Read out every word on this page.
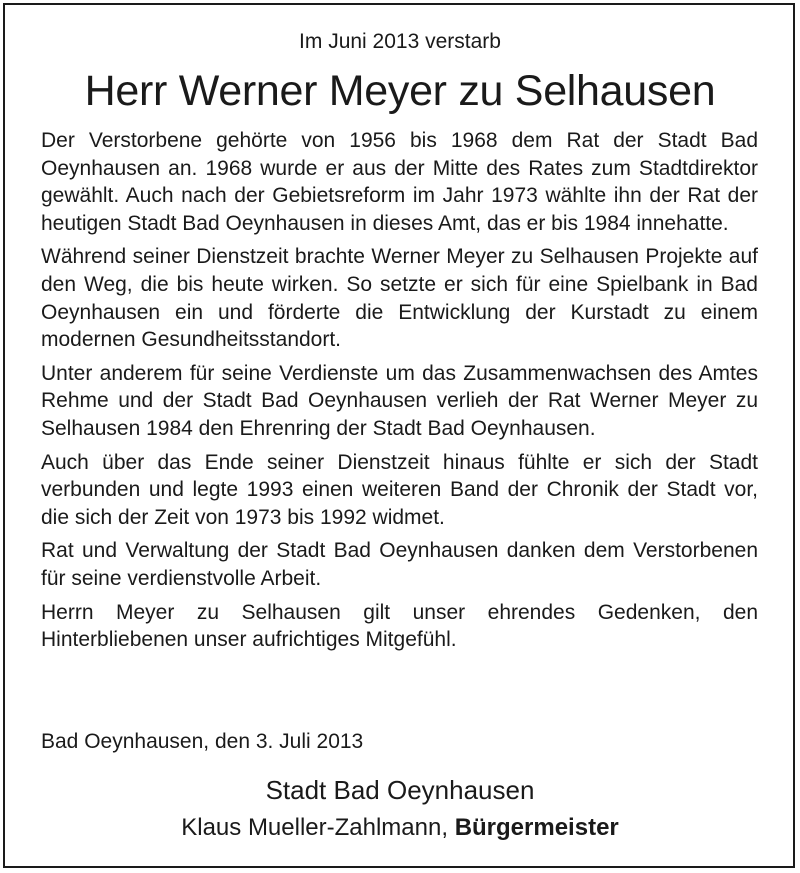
Im Juni 2013 verstarb
Herr Werner Meyer zu Selhausen

Der Verstorbene gehörte von 1956 bis 1968 dem Rat der Stadt Bad Oeynhausen an. 1968 wurde er aus der Mitte des Rates zum Stadtdirektor gewählt. Auch nach der Gebietsreform im Jahr 1973 wählte ihn der Rat der heutigen Stadt Bad Oeynhausen in dieses Amt, das er bis 1984 innehatte.

Während seiner Dienstzeit brachte Werner Meyer zu Selhausen Projekte auf den Weg, die bis heute wirken. So setzte er sich für eine Spielbank in Bad Oeynhausen ein und förderte die Entwicklung der Kurstadt zu einem modernen Gesundheitsstandort.

Unter anderem für seine Verdienste um das Zusammenwachsen des Amtes Rehme und der Stadt Bad Oeynhausen verlieh der Rat Werner Meyer zu Selhausen 1984 den Ehrenring der Stadt Bad Oeynhausen.

Auch über das Ende seiner Dienstzeit hinaus fühlte er sich der Stadt verbunden und legte 1993 einen weiteren Band der Chronik der Stadt vor, die sich der Zeit von 1973 bis 1992 widmet.

Rat und Verwaltung der Stadt Bad Oeynhausen danken dem Verstorbenen für seine verdienstvolle Arbeit.

Herrn Meyer zu Selhausen gilt unser ehrendes Gedenken, den Hinterbliebenen unser aufrichtiges Mitgefühl.

Bad Oeynhausen, den 3. Juli 2013
Stadt Bad Oeynhausen
Klaus Mueller-Zahlmann, Bürgermeister
